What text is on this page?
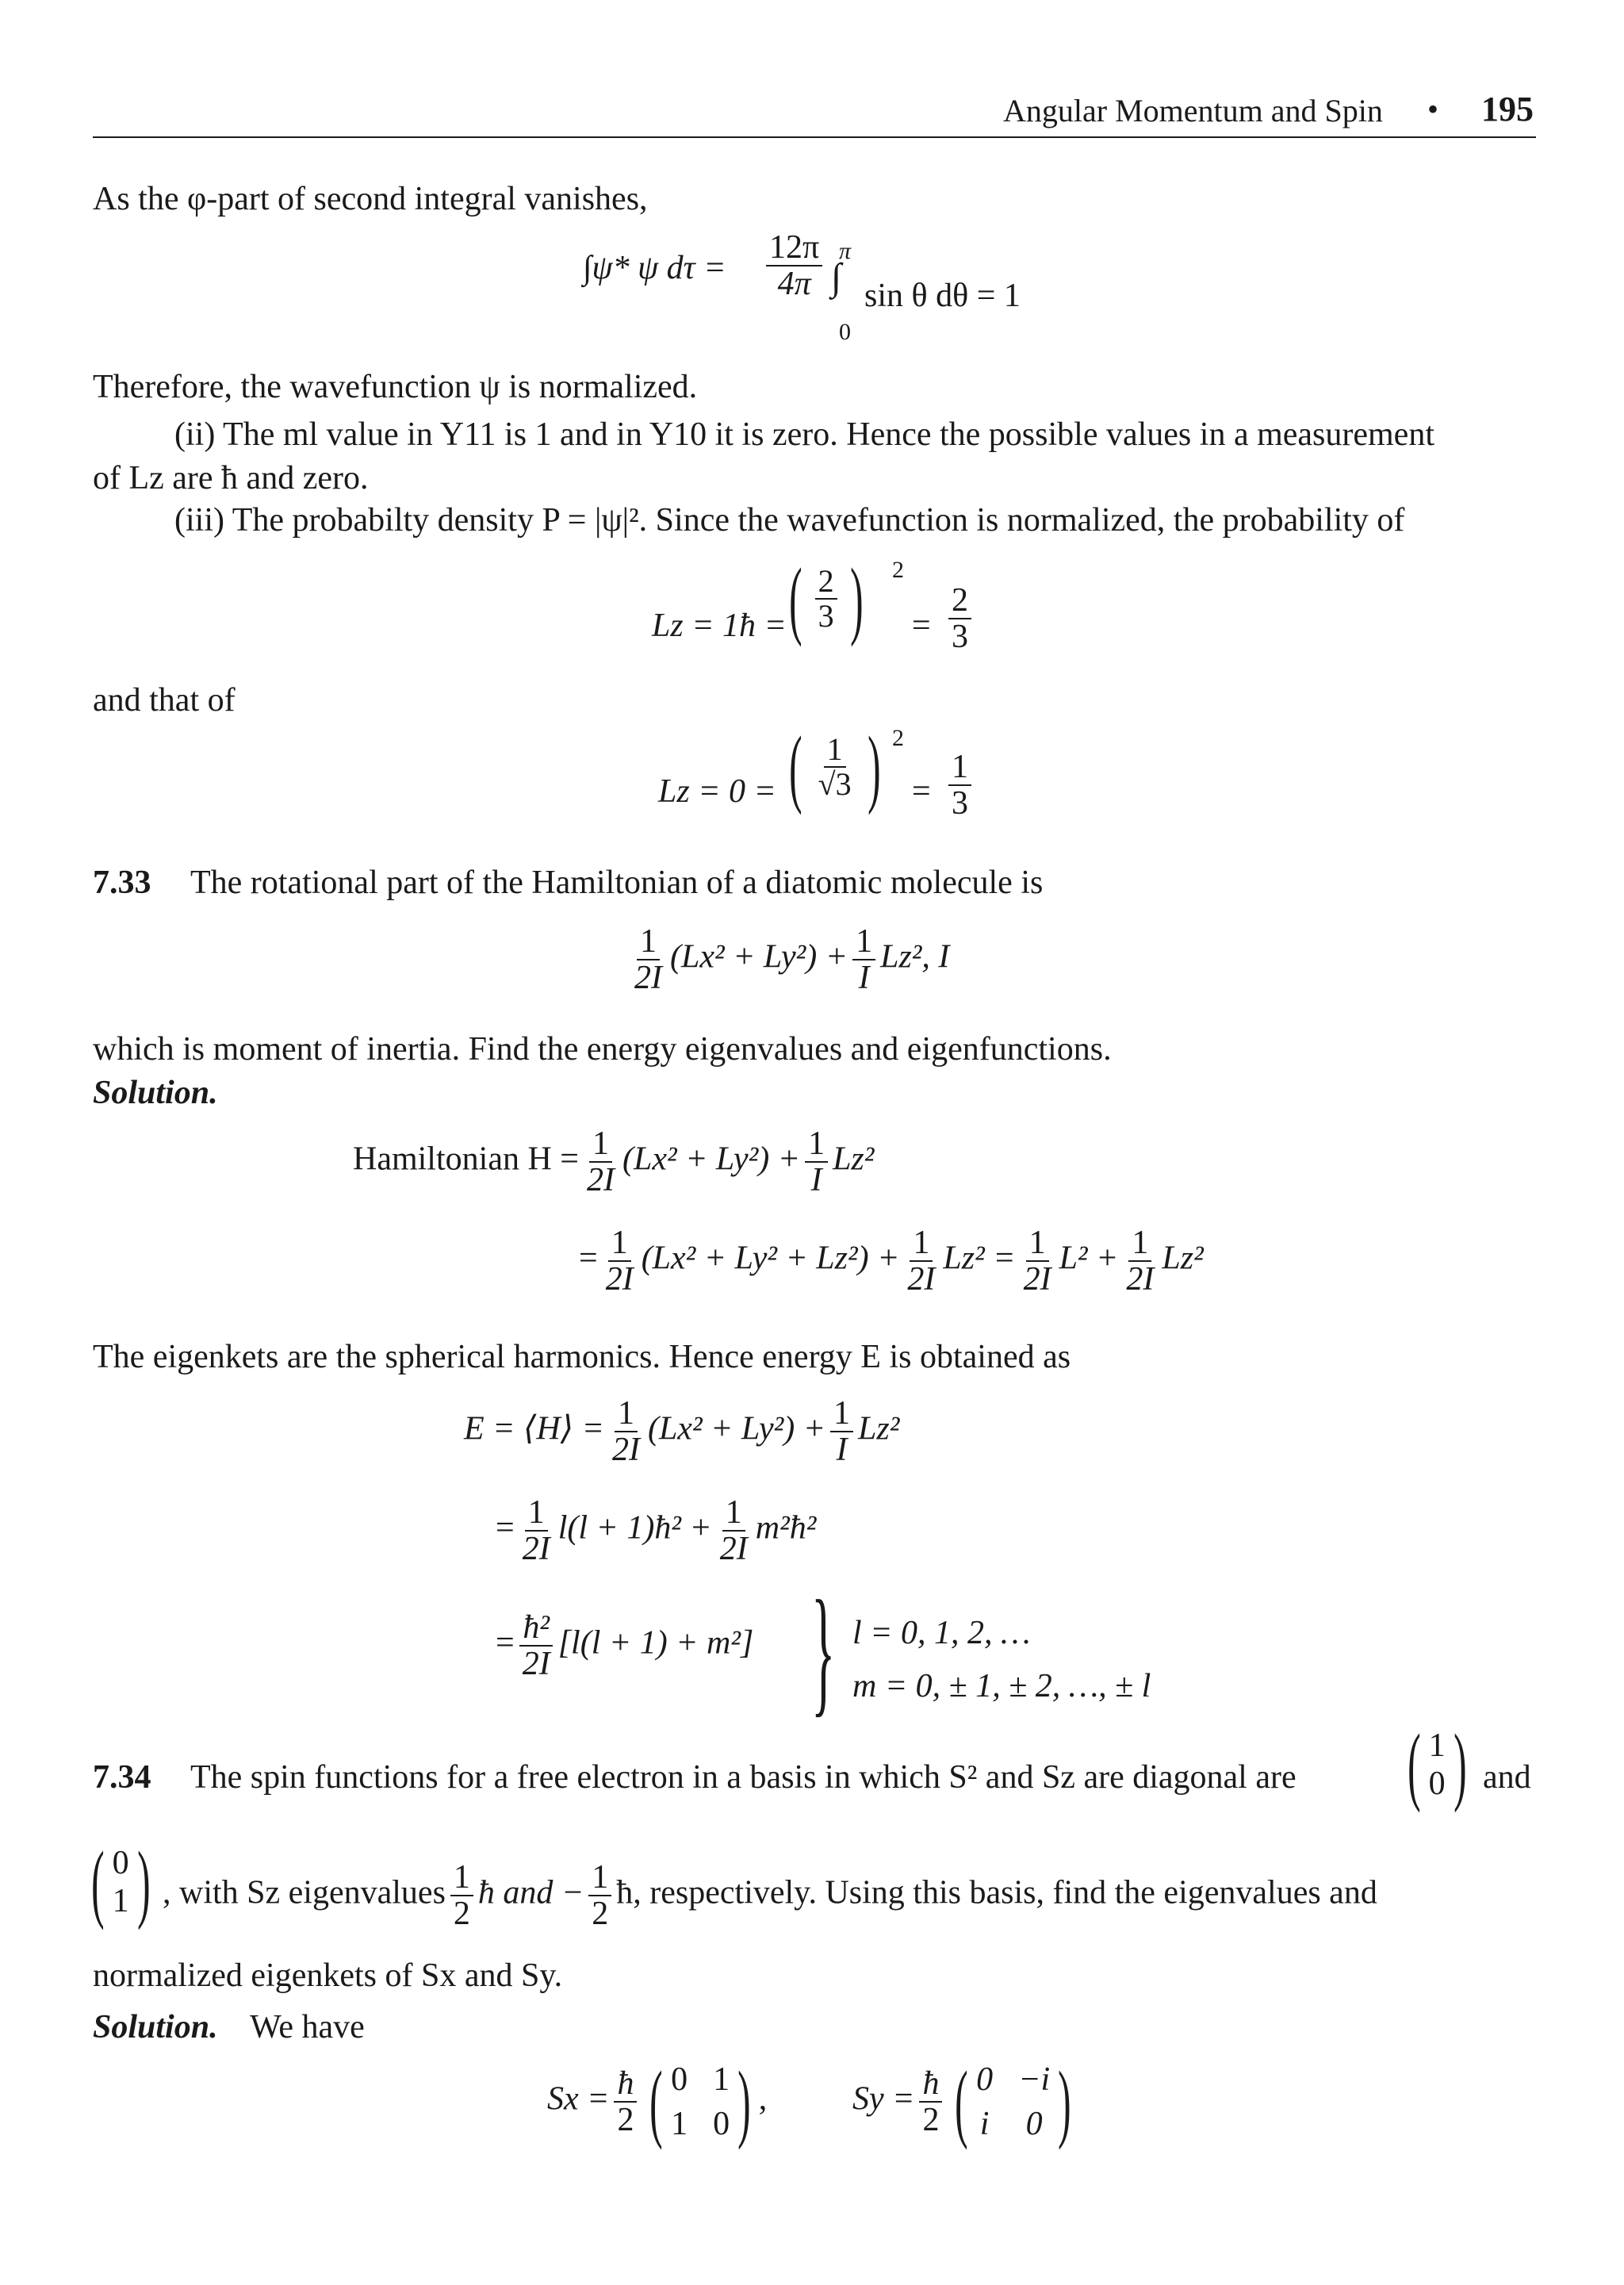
Angular Momentum and Spin • 195
As the φ-part of second integral vanishes,
∫ψ* ψ $d\tau = \frac{12\pi}{4\pi}$ π
∫
0
sin θ dθ = 1
Therefore, the wavefunction ψ is normalized.
(ii) The ml value in Y11 is 1 and in Y10 it is zero. Hence the possible values in a measurement
of Lz are ħ and zero.
(iii) The probabilty density P = |ψ|². Since the wavefunction is normalized, the probability of
Lz = 1ħ = ( $\frac{2}{3}$ )	2
= $\frac{2}{3}$
and that of
Lz = 0 = ( $\frac{1}{√3}$ ) 2
= $\frac{1}{3}$
7.33 The rotational part of the Hamiltonian of a diatomic molecule is
$\frac{1}{2I} (Lx^2 + Ly^2) + \frac{1}{I} Lz^2$, I
which is moment of inertia. Find the energy eigenvalues and eigenfunctions.
Solution.
Hamiltonian $H = \frac{1}{2I} (Lx^2 + Ly^2) + \frac{1}{I} Lz^2$
= $\frac{1}{2I} (Lx^2 + Ly^2 + Lz^2) + \frac{1}{2I} Lz^2 = \frac{1}{2I} L^2 + \frac{1}{2I} Lz^2$
The eigenkets are the spherical harmonics. Hence energy E is obtained as
E = ⟨H⟩ = $\frac{1}{2I} (Lx^2 + Ly^2) + \frac{1}{I} Lz^2$
= $\frac{1}{2I} l(l$ + 1)ħ² + $\frac{1}{2I}$ m²ħ²
= $\frac{\text{ħ²}}{2I} [l(l + 1) + m^2]$ } l = 0, 1, 2, …
m = 0, ± 1, ± 2, …, ± l
7.34 The spin functions for a free electron in a basis in which S² and Sz are diagonal are ( 1
0 ) and
( 0
1 ) , with Sz eigenvalues $\frac{1}{2}$ ħ and − $\frac{1}{2}$ ħ, respectively. Using this basis, find the eigenvalues and
normalized eigenkets of Sx and Sy.
Solution. We have
$Sx = \frac{ħ}{2}$ ( 0 1
1 0 ) ,	$Sy = \frac{ħ}{2}$ ( 0 −i
i 0 )
